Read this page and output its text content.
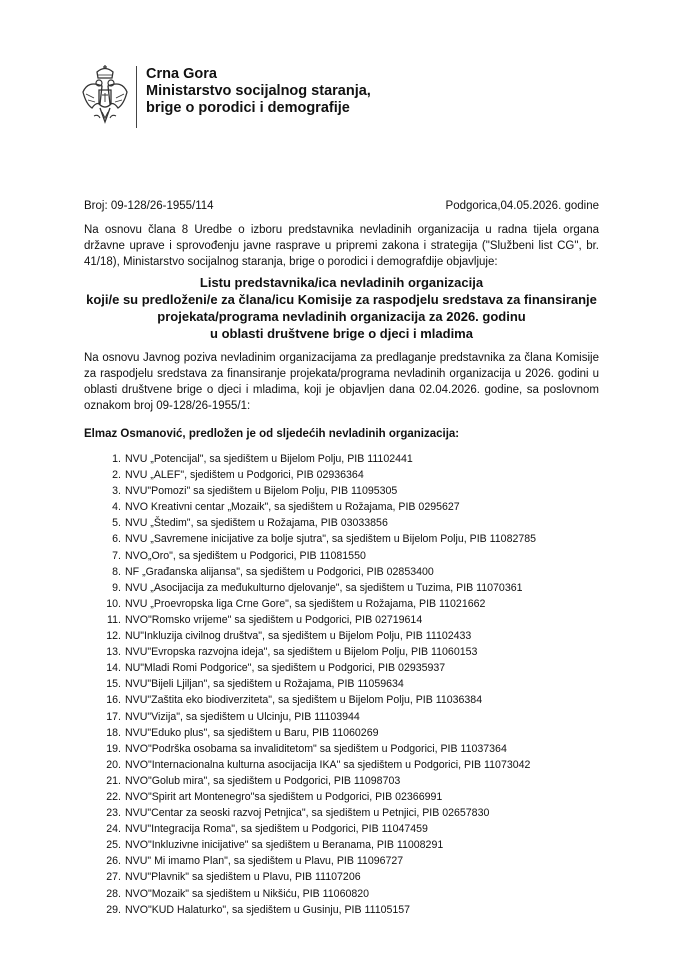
Crna Gora
Ministarstvo socijalnog staranja,
brige o porodici i demografije
Broj: 09-128/26-1955/114	Podgorica,04.05.2026. godine
Na osnovu člana 8 Uredbe o izboru predstavnika nevladinih organizacija u radna tijela organa državne uprave i sprovođenju javne rasprave u pripremi zakona i strategija ("Službeni list CG", br. 41/18), Ministarstvo socijalnog staranja, brige o porodici i demografdije objavljuje:
Listu predstavnika/ica nevladinih organizacija
koji/e su predloženi/e za člana/icu Komisije za raspodjelu sredstava za finansiranje
projekata/programa nevladinih organizacija za 2026. godinu
u oblasti društvene brige o djeci i mladima
Na osnovu Javnog poziva nevladinim organizacijama za predlaganje predstavnika za člana Komisije za raspodjelu sredstava za finansiranje projekata/programa nevladinih organizacija u 2026. godini u oblasti društvene brige o djeci i mladima, koji je objavljen dana 02.04.2026. godine, sa poslovnom oznakom broj 09-128/26-1955/1:
Elmaz Osmanović, predložen je od sljedećih nevladinih organizacija:
1. NVU „Potencijal", sa sjedištem u Bijelom Polju, PIB 11102441
2. NVU „ALEF", sjedištem u Podgorici, PIB 02936364
3. NVU"Pomozi" sa sjedištem u Bijelom Polju, PIB 11095305
4. NVO Kreativni centar „Mozaik", sa sjedištem u Rožajama, PIB 0295627
5. NVU „Štedim", sa sjedištem u Rožajama, PIB 03033856
6. NVU „Savremene inicijative za bolje sjutra", sa sjedištem u Bijelom Polju, PIB 11082785
7. NVO„Oro", sa sjedištem u Podgorici, PIB 11081550
8. NF „Građanska alijansa", sa sjedištem u Podgorici, PIB 02853400
9. NVU „Asocijacija za međukulturno djelovanje", sa sjedištem u Tuzima, PIB 11070361
10. NVU „Proevropska liga Crne Gore", sa sjedištem u Rožajama, PIB 11021662
11. NVO"Romsko vrijeme" sa sjedištem u Podgorici, PIB 02719614
12. NU"Inkluzija civilnog društva", sa sjedištem u Bijelom Polju, PIB 11102433
13. NVU"Evropska razvojna ideja", sa sjedištem u Bijelom Polju, PIB 11060153
14. NU"Mladi Romi Podgorice", sa sjedištem u Podgorici, PIB 02935937
15. NVU"Bijeli Ljiljan", sa sjedištem u Rožajama, PIB 11059634
16. NVU"Zaštita eko biodiverziteta", sa sjedištem u Bijelom Polju, PIB 11036384
17. NVU"Vizija", sa sjedištem u Ulcinju, PIB 11103944
18. NVU"Eduko plus", sa sjedištem u Baru, PIB 11060269
19. NVO"Podrška osobama sa invaliditetom" sa sjedištem u Podgorici, PIB 11037364
20. NVO"Internacionalna kulturna asocijacija IKA" sa sjedištem u Podgorici, PIB 11073042
21. NVO"Golub mira", sa sjedištem u Podgorici, PIB 11098703
22. NVO"Spirit art Montenegro"sa sjedištem u Podgorici, PIB 02366991
23. NVU"Centar za seoski razvoj Petnjica", sa sjedištem u Petnjici, PIB 02657830
24. NVU"Integracija Roma", sa sjedištem u Podgorici, PIB 11047459
25. NVO"Inkluzivne inicijative" sa sjedištem u Beranama, PIB 11008291
26. NVU" Mi imamo Plan", sa sjedištem u Plavu, PIB 11096727
27. NVU"Plavnik" sa sjedištem u Plavu, PIB 11107206
28. NVO"Mozaik" sa sjedištem u Nikšiću, PIB 11060820
29. NVO"KUD Halaturko", sa sjedištem u Gusinju, PIB 11105157
